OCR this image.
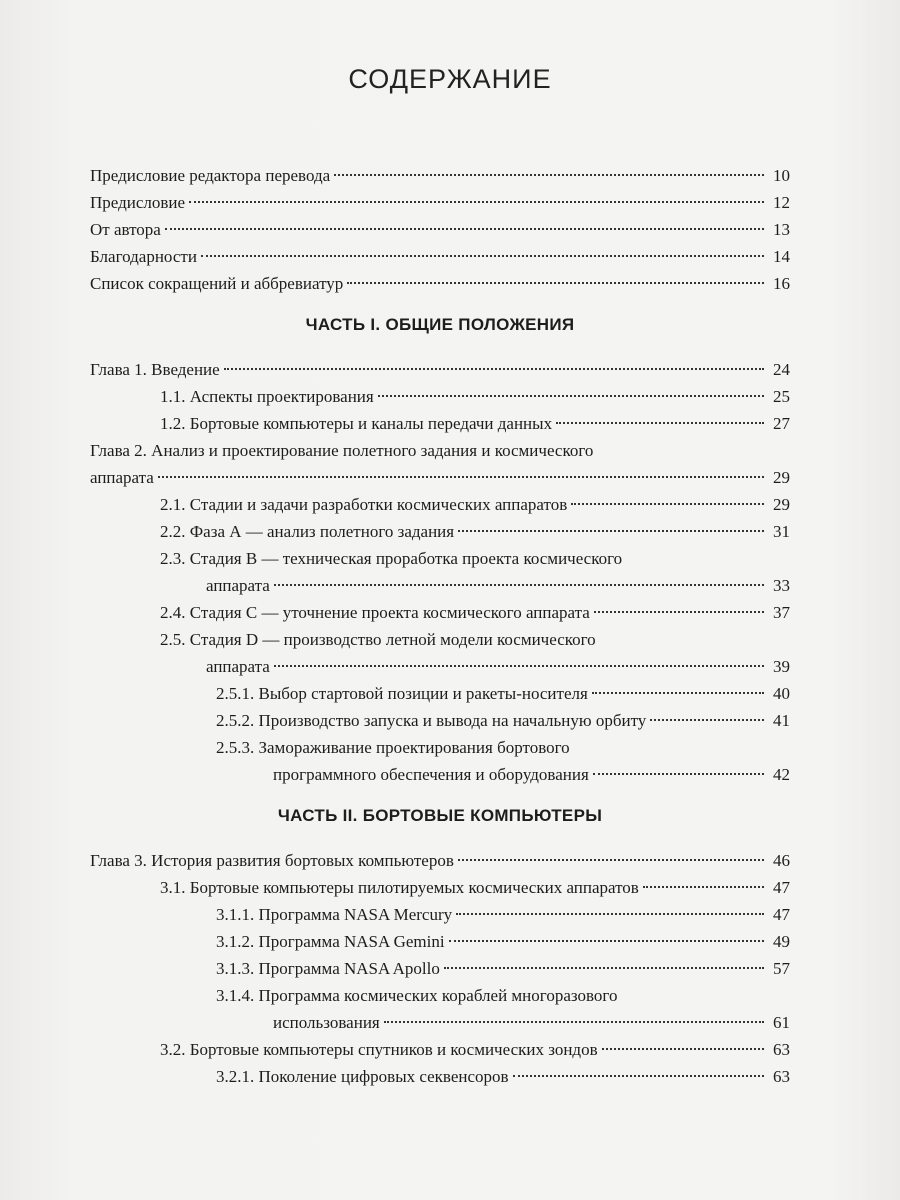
СОДЕРЖАНИЕ
Предисловие редактора перевода	10
Предисловие	12
От автора	13
Благодарности	14
Список сокращений и аббревиатур	16
ЧАСТЬ I. ОБЩИЕ ПОЛОЖЕНИЯ
Глава 1. Введение	24
1.1. Аспекты проектирования	25
1.2. Бортовые компьютеры и каналы передачи данных	27
Глава 2. Анализ и проектирование полетного задания и космического
аппарата	29
2.1. Стадии и задачи разработки космических аппаратов	29
2.2. Фаза А — анализ полетного задания	31
2.3. Стадия В — техническая проработка проекта космического
аппарата	33
2.4. Стадия С — уточнение проекта космического аппарата	37
2.5. Стадия D — производство летной модели космического
аппарата	39
2.5.1. Выбор стартовой позиции и ракеты-носителя	40
2.5.2. Производство запуска и вывода на начальную орбиту	41
2.5.3. Замораживание проектирования бортового
программного обеспечения и оборудования	42
ЧАСТЬ II. БОРТОВЫЕ КОМПЬЮТЕРЫ
Глава 3. История развития бортовых компьютеров	46
3.1. Бортовые компьютеры пилотируемых космических аппаратов	47
3.1.1. Программа NASA Mercury	47
3.1.2. Программа NASA Gemini	49
3.1.3. Программа NASA Apollo	57
3.1.4. Программа космических кораблей многоразового
использования	61
3.2. Бортовые компьютеры спутников и космических зондов	63
3.2.1. Поколение цифровых секвенсоров	63
